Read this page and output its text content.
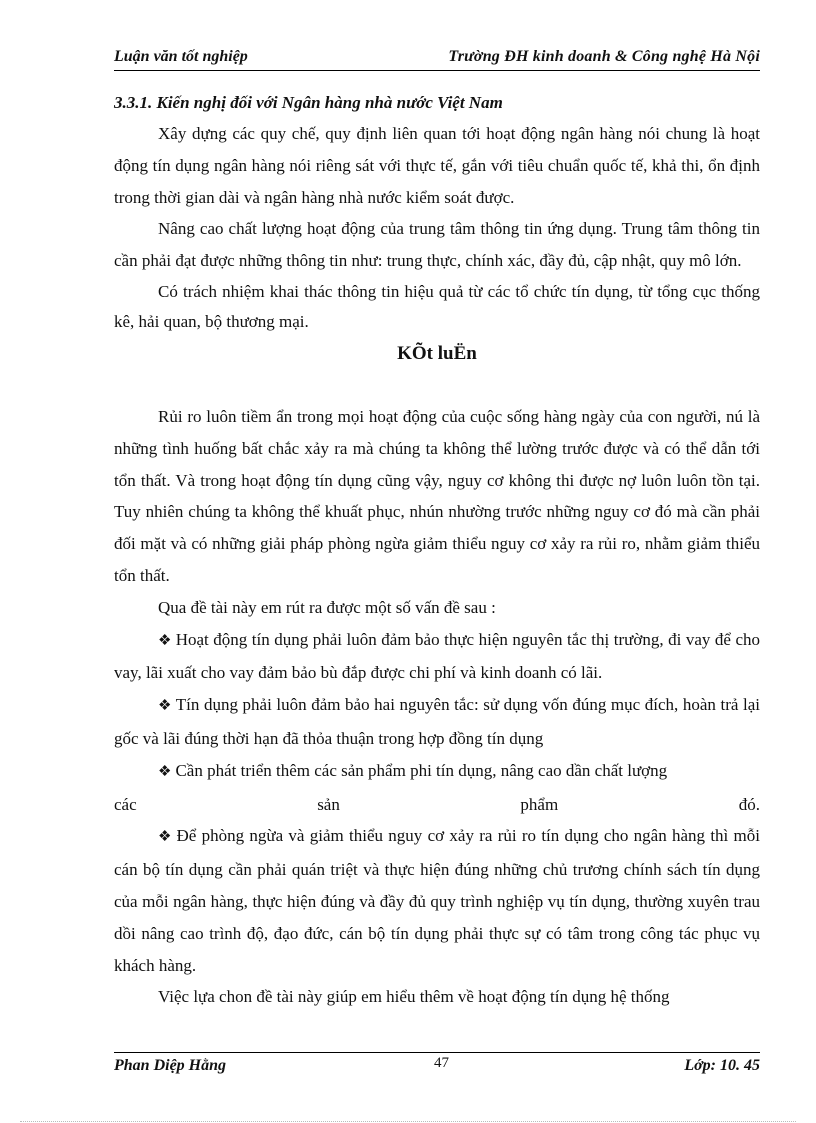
Luận văn tốt nghiệp	Trường ĐH kinh doanh & Công nghệ Hà Nội
3.3.1. Kiến nghị đối với Ngân hàng nhà nước Việt Nam

Xây dựng các quy chế, quy định liên quan tới hoạt động ngân hàng nói chung là hoạt động tín dụng ngân hàng nói riêng sát với thực tế, gắn với tiêu chuẩn quốc tế, khả thi, ổn định trong thời gian dài và ngân hàng nhà nước kiểm soát được.

Nâng cao chất lượng hoạt động của trung tâm thông tin ứng dụng. Trung tâm thông tin cần phải đạt được những thông tin như: trung thực, chính xác, đầy đủ, cập nhật, quy mô lớn.

Có trách nhiệm khai thác thông tin hiệu quả từ các tổ chức tín dụng, từ tổng cục thống kê, hải quan, bộ thương mại.

KÕt luËn

Rủi ro luôn tiềm ẩn trong mọi hoạt động của cuộc sống hàng ngày của con người, nú là những tình huống bất chắc xảy ra mà chúng ta không thể lường trước được và có thể dẫn tới tổn thất. Và trong hoạt động tín dụng cũng vậy, nguy cơ không thi được nợ luôn luôn tồn tại. Tuy nhiên chúng ta không thể khuất phục, nhún nhường trước những nguy cơ đó mà cần phải đối mặt và có những giải pháp phòng ngừa giảm thiểu nguy cơ xảy ra rủi ro, nhằm giảm thiểu tổn thất.

Qua đề tài này em rút ra được một số vấn đề sau :

❖ Hoạt động tín dụng phải luôn đảm bảo thực hiện nguyên tắc thị trường, đi vay để cho vay, lãi xuất cho vay đảm bảo bù đắp được chi phí và kinh doanh có lãi.

❖ Tín dụng phải luôn đảm bảo hai nguyên tắc: sử dụng vốn đúng mục đích, hoàn trả lại gốc và lãi đúng thời hạn đã thỏa thuận trong hợp đồng tín dụng

❖ Cần phát triển thêm các sản phẩm phi tín dụng, nâng cao dần chất lượng

các	sản	phẩm	đó.

❖ Để phòng ngừa và giảm thiểu nguy cơ xảy ra rủi ro tín dụng cho ngân hàng thì mỗi cán bộ tín dụng cần phải quán triệt và thực hiện đúng những chủ trương chính sách tín dụng của mỗi ngân hàng, thực hiện đúng và đầy đủ quy trình nghiệp vụ tín dụng, thường xuyên trau dồi nâng cao trình độ, đạo đức, cán bộ tín dụng phải thực sự có tâm trong công tác phục vụ khách hàng.

Việc lựa chon đề tài này giúp em hiểu thêm về hoạt động tín dụng hệ thống

Phan Diệp Hằng	47	Lớp: 10. 45
